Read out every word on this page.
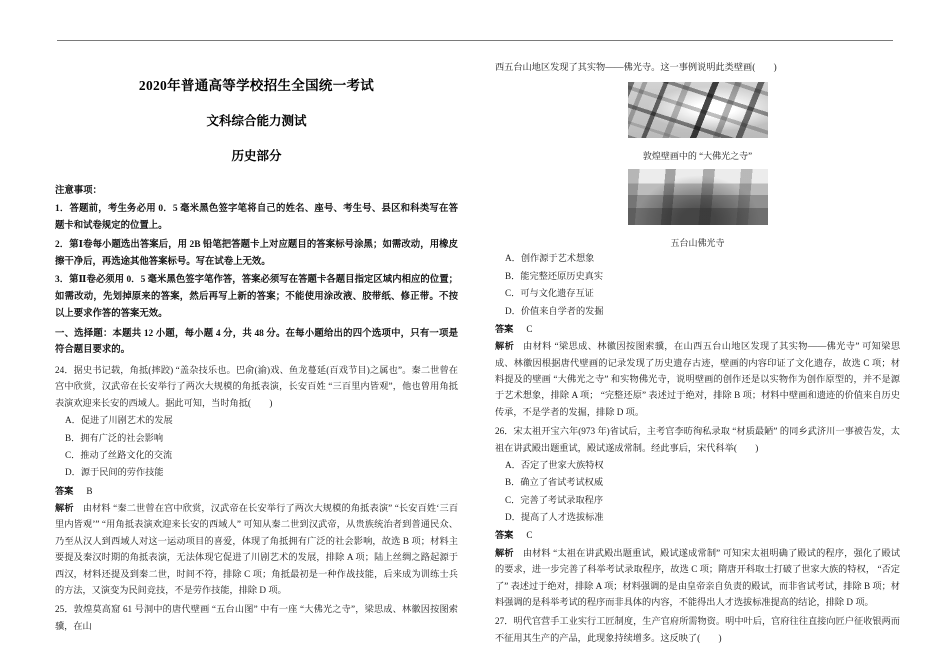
2020年普通高等学校招生全国统一考试
文科综合能力测试
历史部分
注意事项：
1．答题前，考生务必用 0．5 毫米黑色签字笔将自己的姓名、座号、考生号、县区和科类写在答题卡和试卷规定的位置上。
2．第Ⅰ卷每小题选出答案后，用 2B 铅笔把答题卡上对应题目的答案标号涂黑；如需改动，用橡皮擦干净后，再选途其他答案标号。写在试卷上无效。
3．第Ⅱ卷必须用 0．5 毫米黑色签字笔作答，答案必须写在答题卡各题目指定区域内相应的位置；如需改动，先划掉原来的答案，然后再写上新的答案；不能使用涂改液、胶带纸、修正带。不按以上要求作答的答案无效。
一、选择题：本题共 12 小题，每小题 4 分，共 48 分。在每小题给出的四个选项中，只有一项是符合题目要求的。
24．据史书记载，角抵(摔跤) “盖杂技乐也。巴俞(渝)戏、鱼龙蔓延(百戏节目)之属也”。秦二世曾在宫中欣赏，汉武帝在长安举行了两次大规模的角抵表演，长安百姓 “三百里内皆观”，他也曾用角抵表演欢迎来长安的西域人。据此可知，当时角抵(　　)
A．促进了川剧艺术的发展
B．拥有广泛的社会影响
C．推动了丝路文化的交流
D．源于民间的劳作技能
答案 B
解析 由材料 “秦二世曾在宫中欣赏，汉武帝在长安举行了两次大规模的角抵表演” “长安百姓‘三百里内皆观’” “用角抵表演欢迎来长安的西域人” 可知从秦二世到汉武帝，从贵族统治者到普通民众、乃至从汉人到西域人对这一运动项目的喜爱，体现了角抵拥有广泛的社会影响，故选 B 项；材料主要提及秦汉时期的角抵表演，无法体现它促进了川剧艺术的发展，排除 A 项；陆上丝绸之路起源于西汉，材料还提及到秦二世，时间不符，排除 C 项；角抵最初是一种作战技能，后来成为训练士兵的方法，又演变为民间竞技，不是劳作技能，排除 D 项。
25．敦煌莫高窟 61 号洞中的唐代壁画 “五台山图” 中有一座 “大佛光之寺”，梁思成、林徽因按图索骥，在山
西五台山地区发现了其实物——佛光寺。这一事例说明此类壁画(　　)
敦煌壁画中的 “大佛光之寺”
五台山佛光寺
A．创作源于艺术想象
B．能完整还原历史真实
C．可与文化遗存互证
D．价值来自学者的发掘
答案 C
解析 由材料 “梁思成、林徽因按图索骥，在山西五台山地区发现了其实物——佛光寺” 可知梁思成、林徽因根据唐代壁画的记录发现了历史遗存古迹，壁画的内容印证了文化遗存，故选 C 项；材料提及的壁画 “大佛光之寺” 和实物佛光寺，说明壁画的创作还是以实物作为创作原型的，并不是源于艺术想象，排除 A 项； “完整还原” 表述过于绝对，排除 B 项；材料中壁画和遗迹的价值来自历史传承，不是学者的发掘，排除 D 项。
26．宋太祖开宝六年(973 年)省试后，主考官李昉徇私录取 “材质最陋” 的同乡武济川一事被告发，太祖在讲武殿出题重试，殿试遂成常制。经此事后，宋代科举(　　)
A．否定了世家大族特权
B．确立了省试考试权威
C．完善了考试录取程序
D．提高了人才选拔标准
答案 C
解析 由材料 “太祖在讲武殿出题重试，殿试遂成常制” 可知宋太祖明确了殿试的程序，强化了殿试的要求，进一步完善了科举考试录取程序，故选 C 项；隋唐开科取士打破了世家大族的特权， “否定了” 表述过于绝对，排除 A 项；材料强调的是由皇帝亲自负责的殿试，而非省试考试，排除 B 项；材料强调的是科举考试的程序而非具体的内容，不能得出人才选拔标准提高的结论，排除 D 项。
27．明代官营手工业实行工匠制度，生产官府所需物资。明中叶后，官府往往直接向匠户征收银两而不征用其生产的产品，此现象持续增多。这反映了(　　)
